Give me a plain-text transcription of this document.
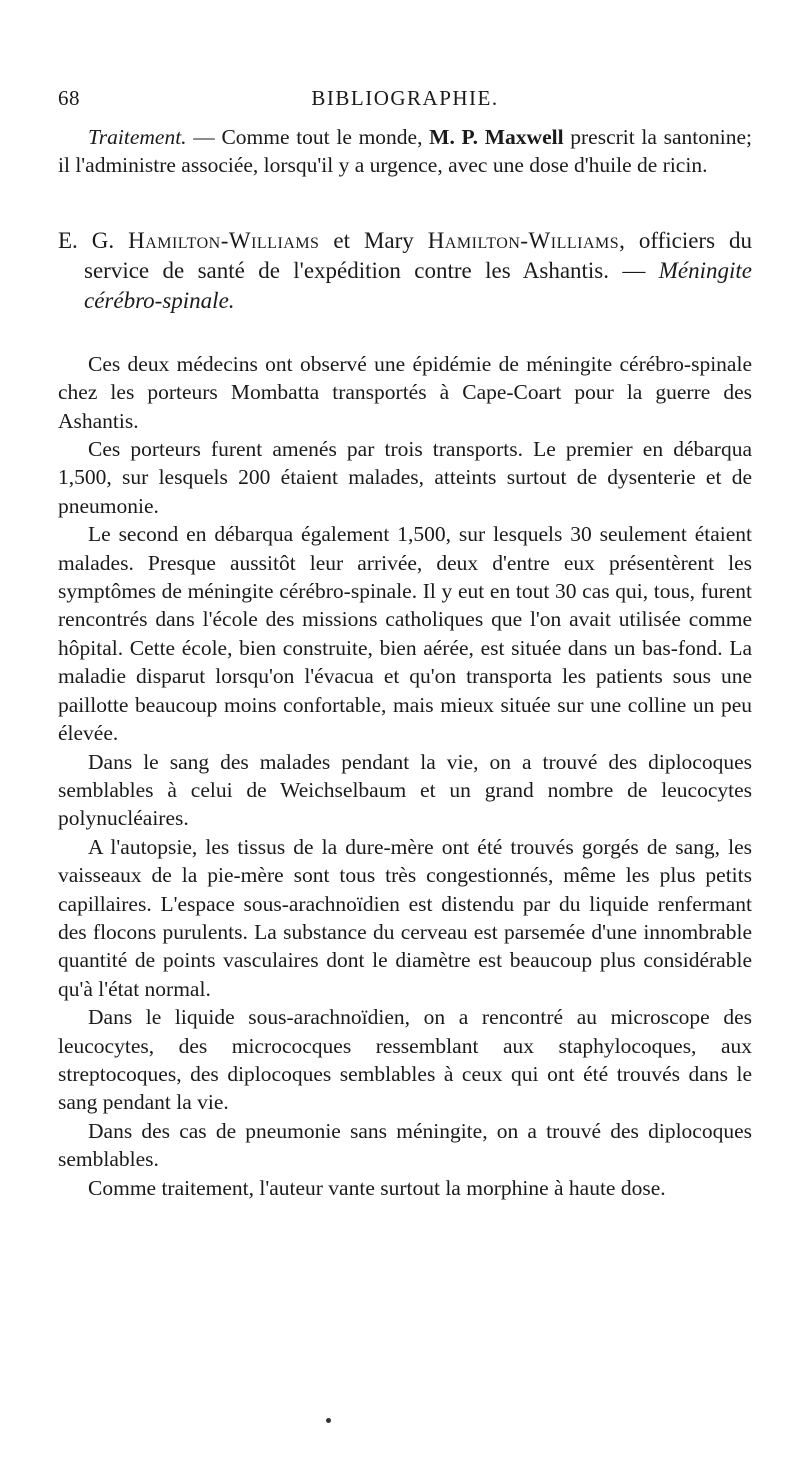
68	BIBLIOGRAPHIE.

Traitement. — Comme tout le monde, M. P. Maxwell prescrit la santonine; il l'administre associée, lorsqu'il y a urgence, avec une dose d'huile de ricin.

E. G. Hamilton-Williams et Mary Hamilton-Williams, officiers du service de santé de l'expédition contre les Ashantis. — Méningite cérébro-spinale.

Ces deux médecins ont observé une épidémie de méningite cérébro-spinale chez les porteurs Mombatta transportés à Cape-Coart pour la guerre des Ashantis.

Ces porteurs furent amenés par trois transports. Le premier en débarqua 1,500, sur lesquels 200 étaient malades, atteints surtout de dysenterie et de pneumonie.

Le second en débarqua également 1,500, sur lesquels 30 seulement étaient malades. Presque aussitôt leur arrivée, deux d'entre eux présentèrent les symptômes de méningite cérébro-spinale. Il y eut en tout 30 cas qui, tous, furent rencontrés dans l'école des missions catholiques que l'on avait utilisée comme hôpital. Cette école, bien construite, bien aérée, est située dans un bas-fond. La maladie disparut lorsqu'on l'évacua et qu'on transporta les patients sous une paillotte beaucoup moins confortable, mais mieux située sur une colline un peu élevée.

Dans le sang des malades pendant la vie, on a trouvé des diplocoques semblables à celui de Weichselbaum et un grand nombre de leucocytes polynucléaires.

A l'autopsie, les tissus de la dure-mère ont été trouvés gorgés de sang, les vaisseaux de la pie-mère sont tous très congestionnés, même les plus petits capillaires. L'espace sous-arachnoïdien est distendu par du liquide renfermant des flocons purulents. La substance du cerveau est parsemée d'une innombrable quantité de points vasculaires dont le diamètre est beaucoup plus considérable qu'à l'état normal.

Dans le liquide sous-arachnoïdien, on a rencontré au microscope des leucocytes, des micrococques ressemblant aux staphylocoques, aux streptocoques, des diplocoques semblables à ceux qui ont été trouvés dans le sang pendant la vie.

Dans des cas de pneumonie sans méningite, on a trouvé des diplocoques semblables.

Comme traitement, l'auteur vante surtout la morphine à haute dose.
